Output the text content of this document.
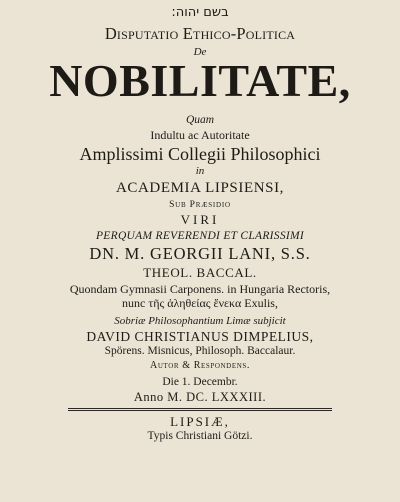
בשם יהוה:
Disputatio Ethico-Politica
De
NOBILITATE,
Quam
Indultu ac Autoritate
Amplissimi Collegii Philosophici
in
ACADEMIA LIPSIENSI,
Sub Præsidio
VIRI
PERQUAM REVERENDI ET CLARISSIMI
DN. M. GEORGII LANI, S.S.
THEOL. BACCAL.
Quondam Gymnasii Carponens. in Hungaria Rectoris,
nunc τῆς ἀληθείας ἕνεκα Exulis,
Sobriæ Philosophantium Limæ subjicit
DAVID CHRISTIANUS DIMPELIUS,
Spörens. Misnicus, Philosoph. Baccalaur.
Autor & Respondens.
Die 1. Decembr.
Anno M. DC. LXXXIII.
LIPSIÆ,
Typis Christiani Götzi.
